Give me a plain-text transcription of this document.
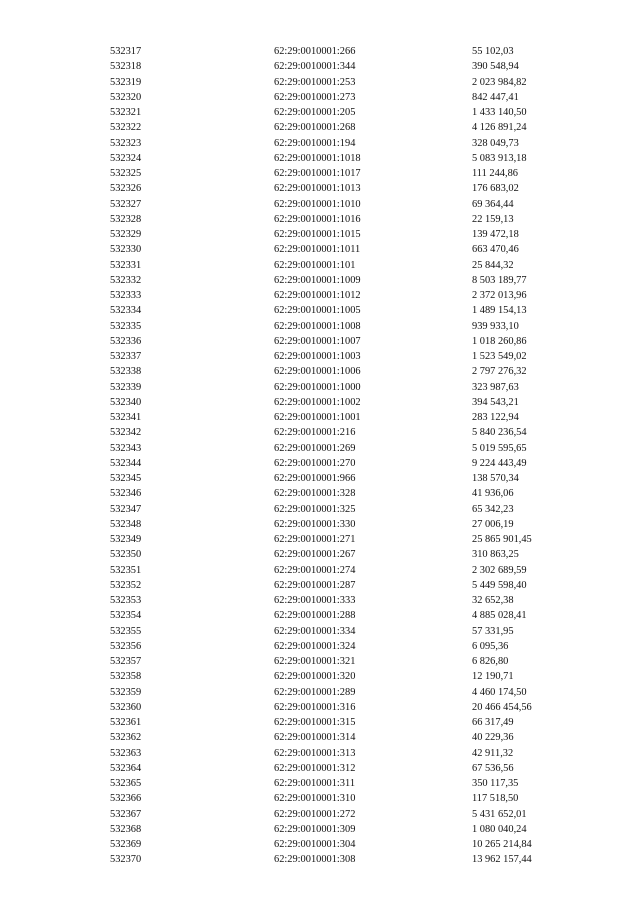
532317	62:29:0010001:266	55 102,03
532318	62:29:0010001:344	390 548,94
532319	62:29:0010001:253	2 023 984,82
532320	62:29:0010001:273	842 447,41
532321	62:29:0010001:205	1 433 140,50
532322	62:29:0010001:268	4 126 891,24
532323	62:29:0010001:194	328 049,73
532324	62:29:0010001:1018	5 083 913,18
532325	62:29:0010001:1017	111 244,86
532326	62:29:0010001:1013	176 683,02
532327	62:29:0010001:1010	69 364,44
532328	62:29:0010001:1016	22 159,13
532329	62:29:0010001:1015	139 472,18
532330	62:29:0010001:1011	663 470,46
532331	62:29:0010001:101	25 844,32
532332	62:29:0010001:1009	8 503 189,77
532333	62:29:0010001:1012	2 372 013,96
532334	62:29:0010001:1005	1 489 154,13
532335	62:29:0010001:1008	939 933,10
532336	62:29:0010001:1007	1 018 260,86
532337	62:29:0010001:1003	1 523 549,02
532338	62:29:0010001:1006	2 797 276,32
532339	62:29:0010001:1000	323 987,63
532340	62:29:0010001:1002	394 543,21
532341	62:29:0010001:1001	283 122,94
532342	62:29:0010001:216	5 840 236,54
532343	62:29:0010001:269	5 019 595,65
532344	62:29:0010001:270	9 224 443,49
532345	62:29:0010001:966	138 570,34
532346	62:29:0010001:328	41 936,06
532347	62:29:0010001:325	65 342,23
532348	62:29:0010001:330	27 006,19
532349	62:29:0010001:271	25 865 901,45
532350	62:29:0010001:267	310 863,25
532351	62:29:0010001:274	2 302 689,59
532352	62:29:0010001:287	5 449 598,40
532353	62:29:0010001:333	32 652,38
532354	62:29:0010001:288	4 885 028,41
532355	62:29:0010001:334	57 331,95
532356	62:29:0010001:324	6 095,36
532357	62:29:0010001:321	6 826,80
532358	62:29:0010001:320	12 190,71
532359	62:29:0010001:289	4 460 174,50
532360	62:29:0010001:316	20 466 454,56
532361	62:29:0010001:315	66 317,49
532362	62:29:0010001:314	40 229,36
532363	62:29:0010001:313	42 911,32
532364	62:29:0010001:312	67 536,56
532365	62:29:0010001:311	350 117,35
532366	62:29:0010001:310	117 518,50
532367	62:29:0010001:272	5 431 652,01
532368	62:29:0010001:309	1 080 040,24
532369	62:29:0010001:304	10 265 214,84
532370	62:29:0010001:308	13 962 157,44
